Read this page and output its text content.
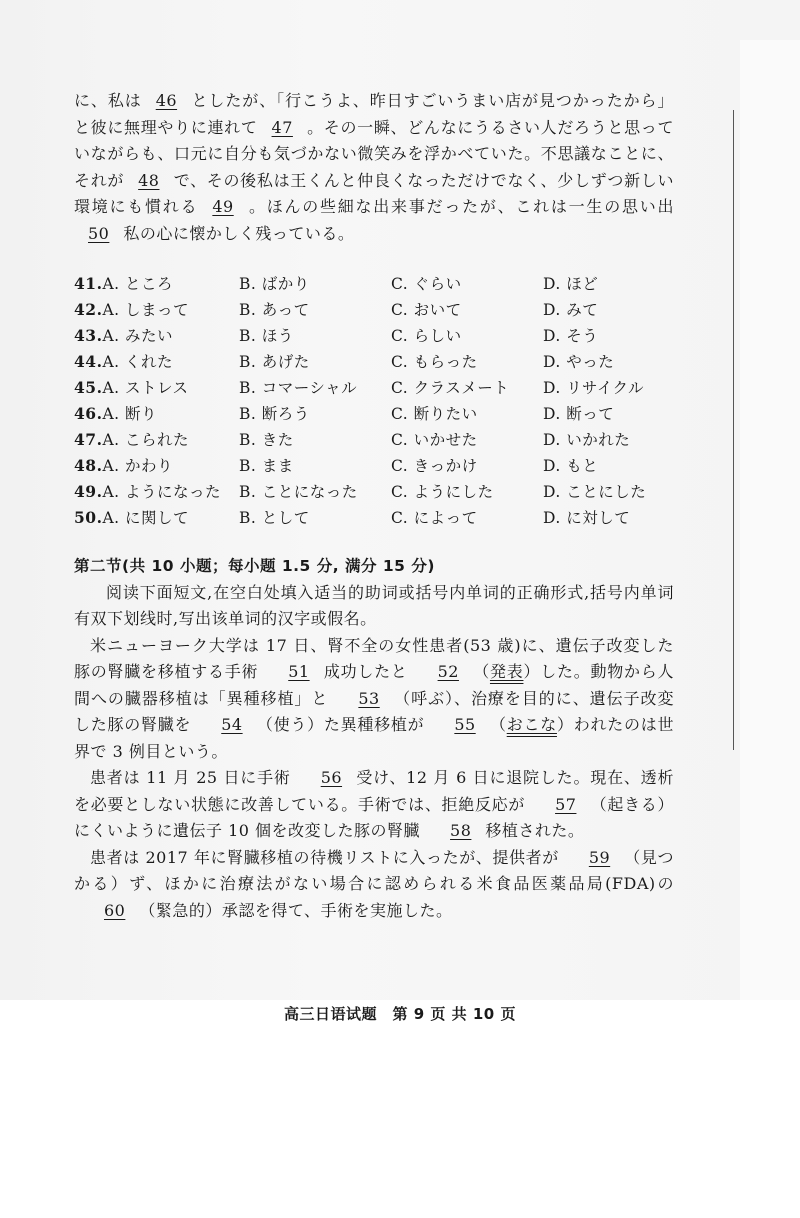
に、私は 46 としたが、「行こうよ、昨日すごいうまい店が見つかったから」と彼に無理やりに連れて 47 。その一瞬、どんなにうるさい人だろうと思っていながらも、口元に自分も気づかない微笑みを浮かべていた。不思議なことに、それが 48 で、その後私は王くんと仲良くなっただけでなく、少しずつ新しい環境にも慣れる 49 。ほんの些細な出来事だったが、これは一生の思い出50 私の心に懐かしく残っている。

41.A. ところ	B. ばかり	C. ぐらい	D. ほど
42.A. しまって	B. あって	C. おいて	D. みて
43.A. みたい	B. ほう	C. らしい	D. そう
44.A. くれた	B. あげた	C. もらった	D. やった
45.A. ストレス	B. コマーシャル	C. クラスメート	D. リサイクル
46.A. 断り	B. 断ろう	C. 断りたい	D. 断って
47.A. こられた	B. きた	C. いかせた	D. いかれた
48.A. かわり	B. まま	C. きっかけ	D. もと
49.A. ようになった	B. ことになった	C. ようにした	D. ことにした
50.A. に関して	B. として	C. によって	D. に対して
第二节(共 10 小题；每小题 1.5 分, 满分 15 分)

阅读下面短文,在空白处填入适当的助词或括号内单词的正确形式,括号内单词有双下划线时,写出该单词的汉字或假名。

米ニューヨーク大学は 17 日、腎不全の女性患者(53 歳)に、遺伝子改変した豚の腎臓を移植する手術 51 成功したと 52 （発表）した。動物から人間への臓器移植は「異種移植」と 53 （呼ぶ）、治療を目的に、遺伝子改変した豚の腎臓を 54 （使う）た異種移植が 55 （おこな）われたのは世界で 3 例目という。

患者は 11 月 25 日に手術 56 受け、12 月 6 日に退院した。現在、透析を必要としない状態に改善している。手術では、拒絶反応が 57 （起きる）にくいように遺伝子 10 個を改変した豚の腎臓 58 移植された。

患者は 2017 年に腎臓移植の待機リストに入ったが、提供者が 59 （見つかる）ず、ほかに治療法がない場合に認められる米食品医薬品局(FDA)の60 （緊急的）承認を得て、手術を実施した。

高三日语试题　第 9 页 共 10 页
